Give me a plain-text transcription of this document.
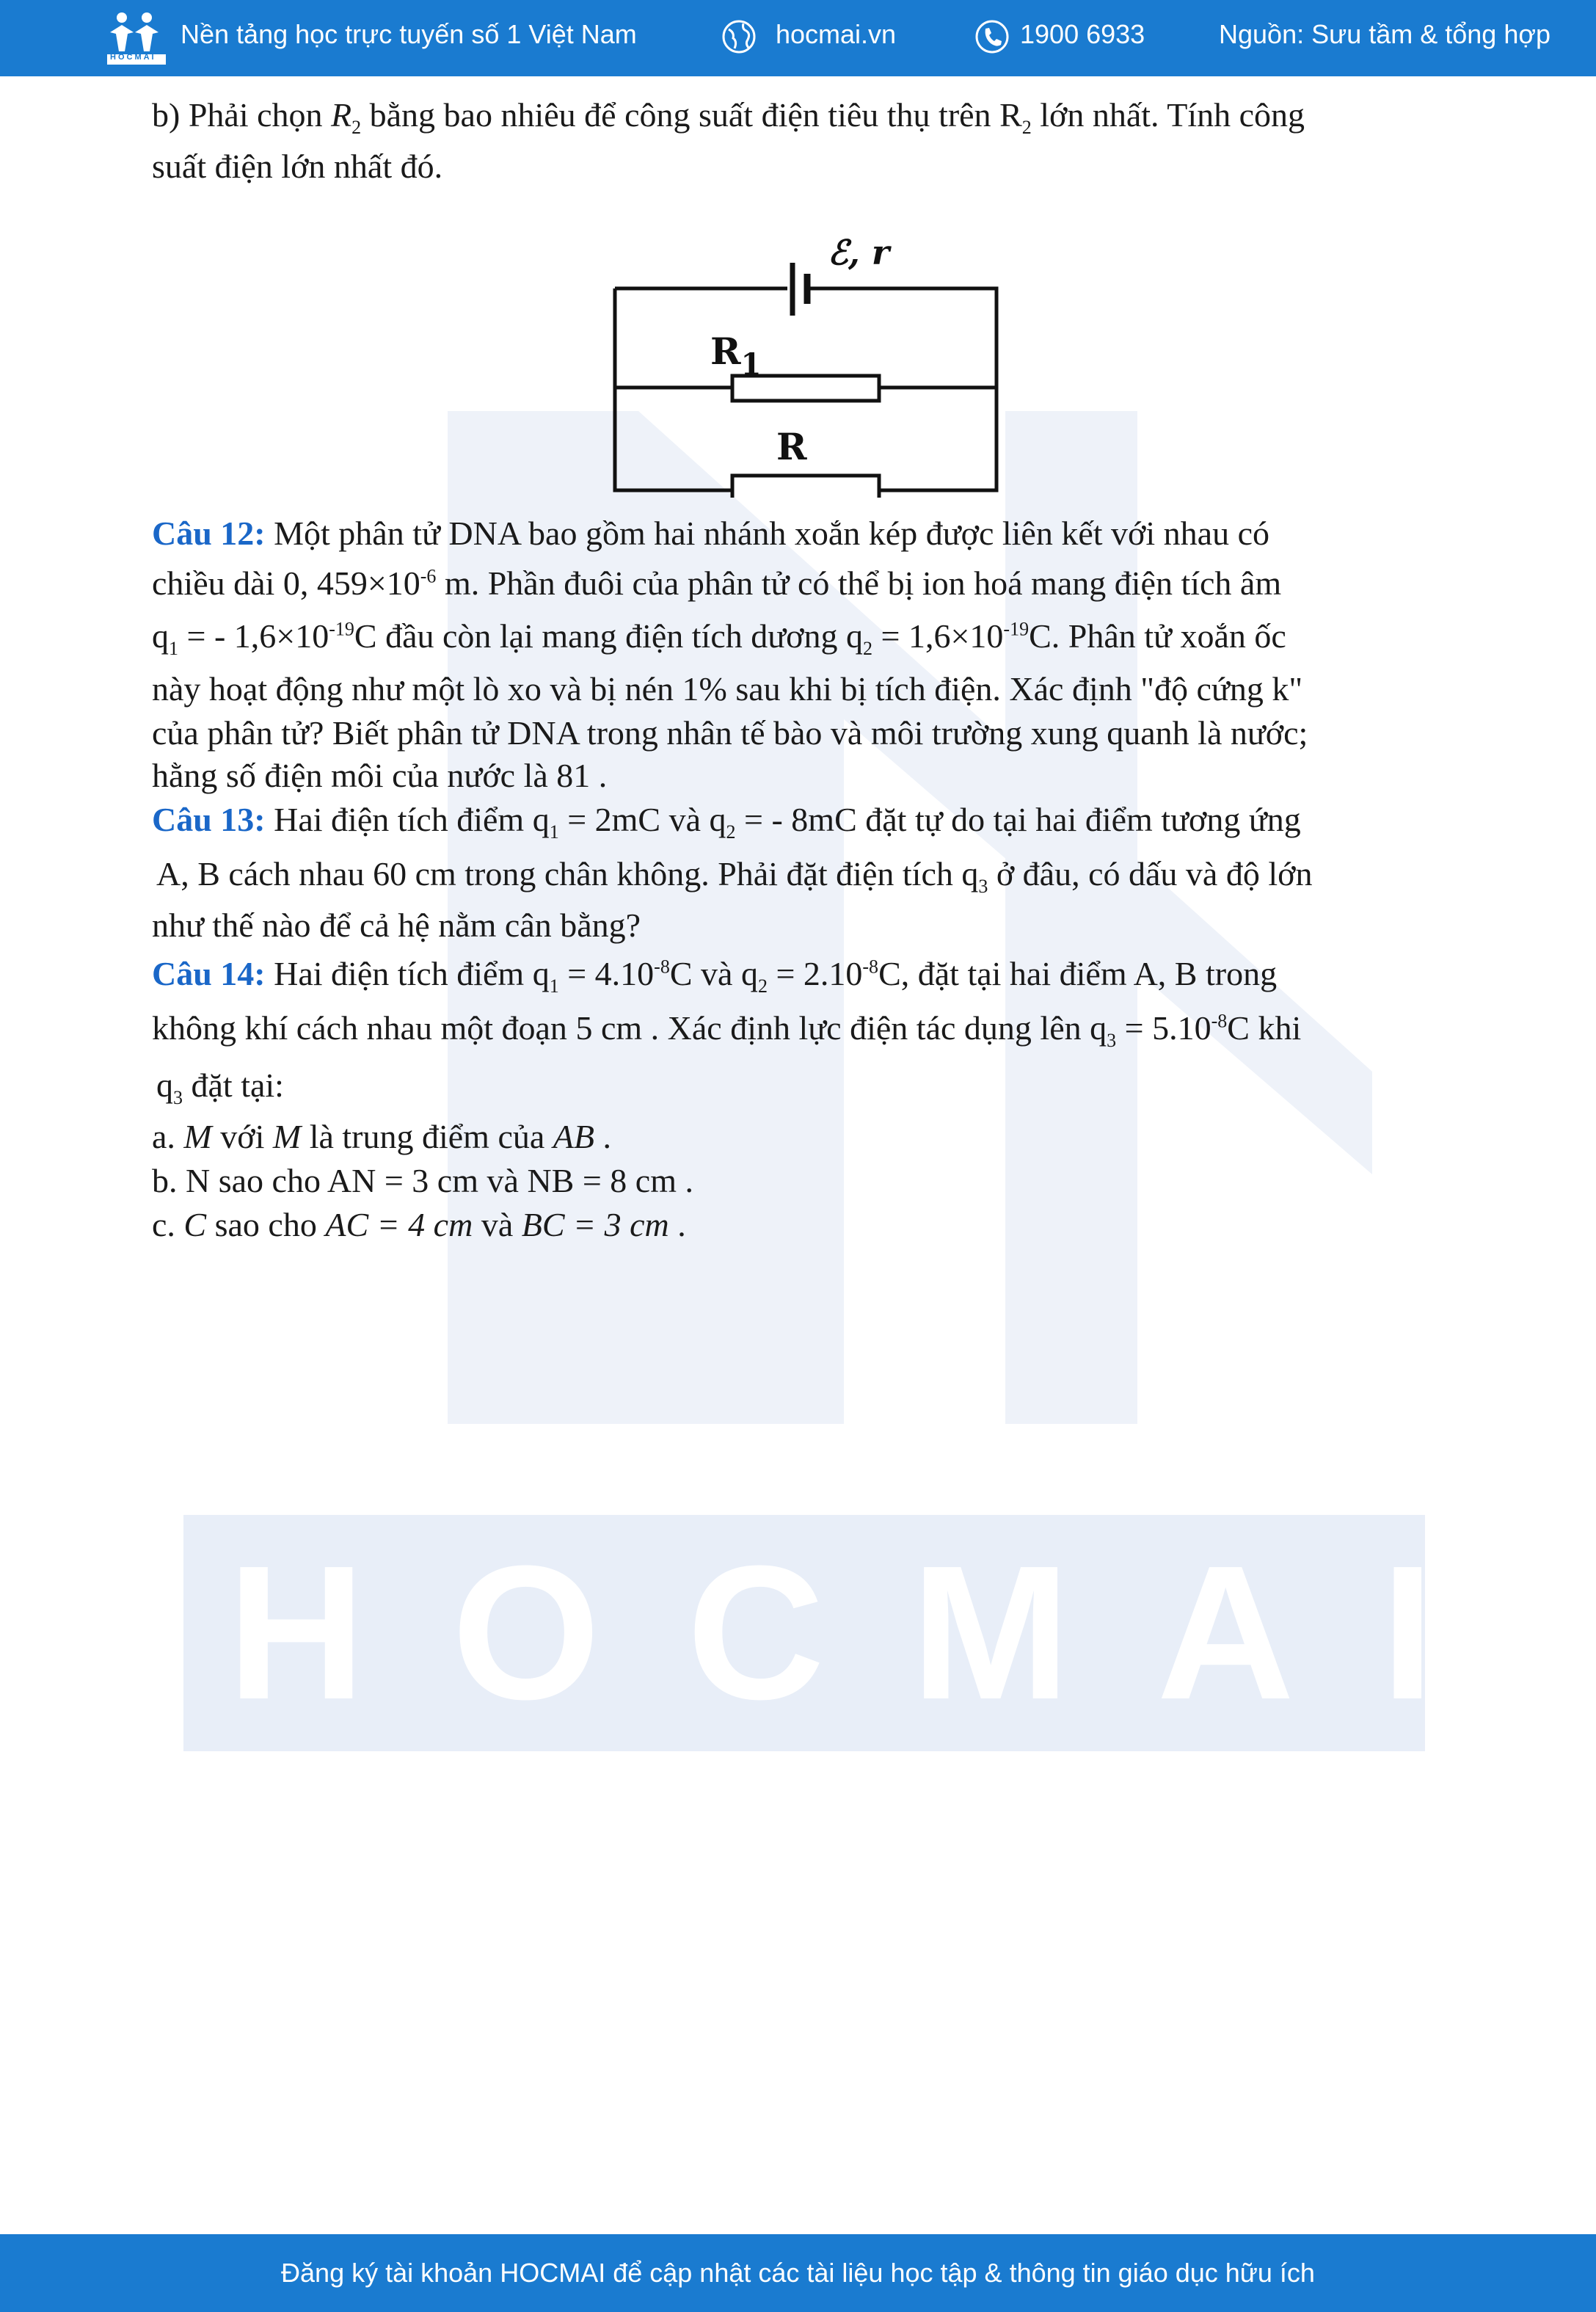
HOCMAI
Nền tảng học trực tuyến số 1 Việt Nam	hocmai.vn	1900 6933	Nguồn: Sưu tầm & tổng hợp
HOCMAI
b) Phải chọn $R_2$ bằng bao nhiêu để công suất điện tiêu thụ trên $R_2$ lớn nhất. Tính công
suất điện lớn nhất đó.
ℰ, r
$R_1$
R
Câu 12: Một phân tử DNA bao gồm hai nhánh xoắn kép được liên kết với nhau có
chiều dài 0, $459\times 10^{-6}$ m. Phần đuôi của phân tử có thể bị ion hoá mang điện tích âm
$q_1$ = - $1,6\times 10^{-19}C$ đầu còn lại mang điện tích dương $q_2 = 1,6\times 10^{-19}C$. Phân tử xoắn ốc
này hoạt động như một lò xo và bị nén 1% sau khi bị tích điện. Xác định "độ cứng k"
của phân tử? Biết phân tử DNA trong nhân tế bào và môi trường xung quanh là nước;
hằng số điện môi của nước là 81 .
Câu 13: Hai điện tích điểm $q_1 = 2mC$ và $q_2$ = - 8mC đặt tự do tại hai điểm tương ứng
A, B cách nhau 60 cm trong chân không. Phải đặt điện tích $q_3$ ở đâu, có dấu và độ lớn
như thế nào để cả hệ nằm cân bằng?
Câu 14: Hai điện tích điểm $q_1 = 4.10^{-8}C$ và $q_2 = 2.10^{-8}C$, đặt tại hai điểm A, B trong
không khí cách nhau một đoạn 5 cm . Xác định lực điện tác dụng lên $q_3 = 5.10^{-8}C$ khi
$q_3$ đặt tại:
a. M với M là trung điểm của AB .
b. N sao cho AN = 3 cm và NB = 8 cm .
c. C sao cho AC = 4 cm và BC = 3 cm .
Đăng ký tài khoản HOCMAI để cập nhật các tài liệu học tập & thông tin giáo dục hữu ích
